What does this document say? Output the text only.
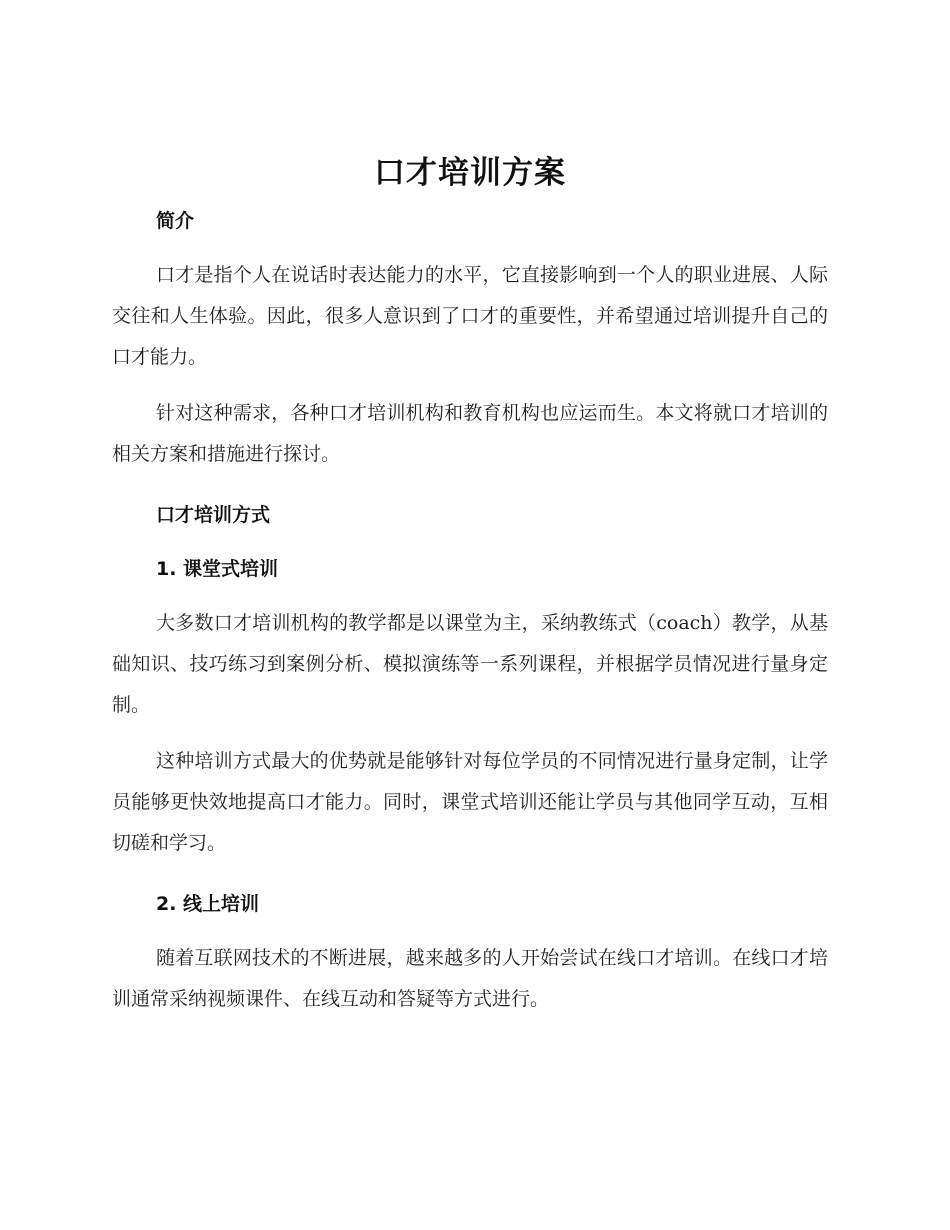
口才培训方案
简介

口才是指个人在说话时表达能力的水平，它直接影响到一个人的职业进展、人际交往和人生体验。因此，很多人意识到了口才的重要性，并希望通过培训提升自己的口才能力。

针对这种需求，各种口才培训机构和教育机构也应运而生。本文将就口才培训的相关方案和措施进行探讨。

口才培训方式
1. 课堂式培训

大多数口才培训机构的教学都是以课堂为主，采纳教练式（coach）教学，从基础知识、技巧练习到案例分析、模拟演练等一系列课程，并根据学员情况进行量身定制。

这种培训方式最大的优势就是能够针对每位学员的不同情况进行量身定制，让学员能够更快效地提高口才能力。同时，课堂式培训还能让学员与其他同学互动，互相切磋和学习。

2. 线上培训

随着互联网技术的不断进展，越来越多的人开始尝试在线口才培训。在线口才培训通常采纳视频课件、在线互动和答疑等方式进行。
